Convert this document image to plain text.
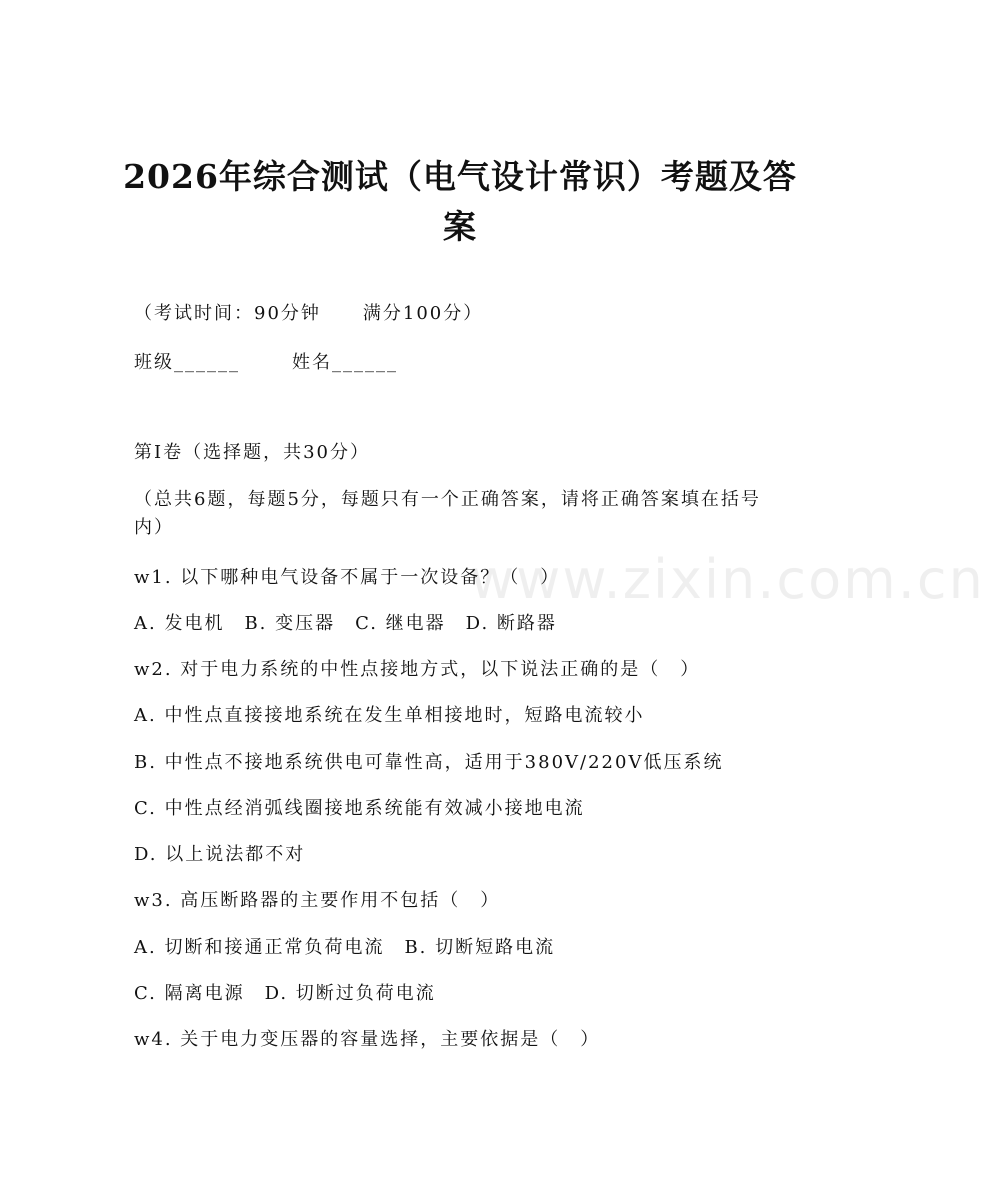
www.zixin.com.cn
2026年综合测试（电气设计常识）考题及答案
（考试时间：90分钟 满分100分）
班级______	姓名______
第Ⅰ卷（选择题，共30分）
（总共6题，每题5分，每题只有一个正确答案，请将正确答案填在括号内）
w1. 以下哪种电气设备不属于一次设备？（　）
A. 发电机　B. 变压器　C. 继电器　D. 断路器
w2. 对于电力系统的中性点接地方式，以下说法正确的是（　）
A. 中性点直接接地系统在发生单相接地时，短路电流较小
B. 中性点不接地系统供电可靠性高，适用于380V/220V低压系统
C. 中性点经消弧线圈接地系统能有效减小接地电流
D. 以上说法都不对
w3. 高压断路器的主要作用不包括（　）
A. 切断和接通正常负荷电流　B. 切断短路电流
C. 隔离电源　D. 切断过负荷电流
w4. 关于电力变压器的容量选择，主要依据是（　）
